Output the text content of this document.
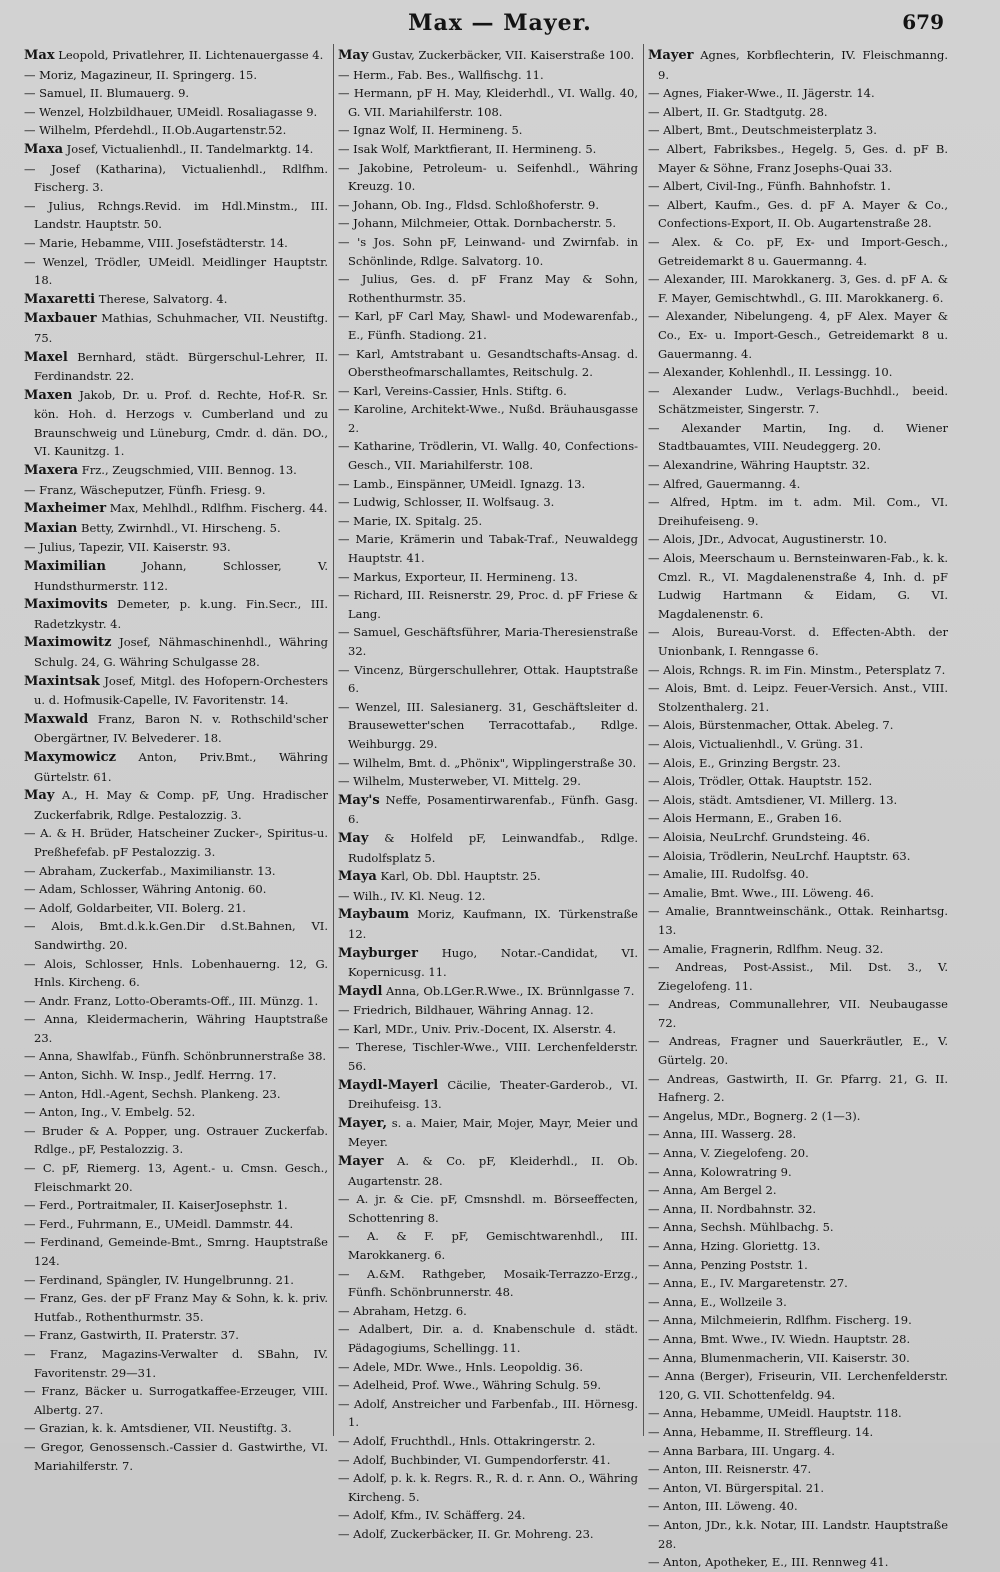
Max — Mayer.	679

Max Leopold, Privatlehrer, II. Lichtenauergasse 4.

— Moriz, Magazineur, II. Springerg. 15.

— Samuel, II. Blumauerg. 9.

— Wenzel, Holzbildhauer, UMeidl. Rosaliagasse 9.

— Wilhelm, Pferdehdl., II.Ob.Augartenstr.52.

Maxa Josef, Victualienhdl., II. Tandelmarktg. 14.

— Josef (Katharina), Victualienhdl., Rdlfhm. Fischerg. 3.

— Julius, Rchngs.Revid. im Hdl.Minstm., III. Landstr. Hauptstr. 50.

— Marie, Hebamme, VIII. Josefstädterstr. 14.

— Wenzel, Trödler, UMeidl. Meidlinger Hauptstr. 18.

Maxaretti Therese, Salvatorg. 4.

Maxbauer Mathias, Schuhmacher, VII. Neustiftg. 75.

Maxel Bernhard, städt. Bürgerschul-Lehrer, II. Ferdinandstr. 22.

Maxen Jakob, Dr. u. Prof. d. Rechte, Hof-R. Sr. kön. Hoh. d. Herzogs v. Cumberland und zu Braunschweig und Lüneburg, Cmdr. d. dän. DO., VI. Kaunitzg. 1.

Maxera Frz., Zeugschmied, VIII. Bennog. 13.

— Franz, Wäscheputzer, Fünfh. Friesg. 9.

Maxheimer Max, Mehlhdl., Rdlfhm. Fischerg. 44.

Maxian Betty, Zwirnhdl., VI. Hirscheng. 5.

— Julius, Tapezir, VII. Kaiserstr. 93.

Maximilian Johann, Schlosser, V. Hundsthurmerstr. 112.

Maximovits Demeter, p. k.ung. Fin.Secr., III. Radetzkystr. 4.

Maximowitz Josef, Nähmaschinenhdl., Währing Schulg. 24, G. Währing Schulgasse 28.

Maxintsak Josef, Mitgl. des Hofopern-Orchesters u. d. Hofmusik-Capelle, IV. Favoritenstr. 14.

Maxwald Franz, Baron N. v. Rothschild'scher Obergärtner, IV. Belvederег. 18.

Maxymowicz Anton, Priv.Bmt., Währing Gürtelstr. 61.

May A., H. May & Comp. pF, Ung. Hradischer Zuckerfabrik, Rdlge. Pestalozzig. 3.

— A. & H. Brüder, Hatscheiner Zucker-, Spiritus-u. Preßhefefab. pF Pestalozzig. 3.

— Abraham, Zuckerfab., Maximilianstr. 13.

— Adam, Schlosser, Währing Antonig. 60.

— Adolf, Goldarbeiter, VII. Bolerg. 21.

— Alois, Bmt.d.k.k.Gen.Dir d.St.Bahnen, VI. Sandwirthg. 20.

— Alois, Schlosser, Hnls. Lobenhauerng. 12, G. Hnls. Kircheng. 6.

— Andr. Franz, Lotto-Oberamts-Off., III. Münzg. 1.

— Anna, Kleidermacherin, Währing Hauptstraße 23.

— Anna, Shawlfab., Fünfh. Schönbrunnerstraße 38.

— Anton, Sichh. W. Insp., Jedlf. Herrng. 17.

— Anton, Hdl.-Agent, Sechsh. Plankeng. 23.

— Anton, Ing., V. Embelg. 52.

— Bruder & A. Popper, ung. Ostrauer Zuckerfab. Rdlge., pF, Pestalozzig. 3.

— C. pF, Riemerg. 13, Agent.- u. Cmsn. Gesch., Fleischmarkt 20.

— Ferd., Portraitmaler, II. KaiserJosephstr. 1.

— Ferd., Fuhrmann, E., UMeidl. Dammstr. 44.

— Ferdinand, Gemeinde-Bmt., Smrng. Hauptstraße 124.

— Ferdinand, Spängler, IV. Hungelbrunng. 21.

— Franz, Ges. der pF Franz May & Sohn, k. k. priv. Hutfab., Rothenthurmstr. 35.

— Franz, Gastwirth, II. Praterstr. 37.

— Franz, Magazins-Verwalter d. SBahn, IV. Favoritenstr. 29—31.

— Franz, Bäcker u. Surrogatkaffee-Erzeuger, VIII. Albertg. 27.

— Grazian, k. k. Amtsdiener, VII. Neustiftg. 3.

— Gregor, Genossensch.-Cassier d. Gastwirthe, VI. Mariahilferstr. 7.

May Gustav, Zuckerbäcker, VII. Kaiserstraße 100.

— Herm., Fab. Bes., Wallfischg. 11.

— Hermann, pF H. May, Kleiderhdl., VI. Wallg. 40, G. VII. Mariahilferstr. 108.

— Ignaz Wolf, II. Hermineng. 5.

— Isak Wolf, Marktfierant, II. Hermineng. 5.

— Jakobine, Petroleum- u. Seifenhdl., Währing Kreuzg. 10.

— Johann, Ob. Ing., Fldsd. Schloßhoferstr. 9.

— Johann, Milchmeier, Ottak. Dornbacherstr. 5.

— 's Jos. Sohn pF, Leinwand- und Zwirnfab. in Schönlinde, Rdlge. Salvatorg. 10.

— Julius, Ges. d. pF Franz May & Sohn, Rothenthurmstr. 35.

— Karl, pF Carl May, Shawl- und Modewarenfab., E., Fünfh. Stadiong. 21.

— Karl, Amtstrabant u. Gesandtschafts-Ansag. d. Oberstheofmarschallamtes, Reitschulg. 2.

— Karl, Vereins-Cassier, Hnls. Stiftg. 6.

— Karoline, Architekt-Wwe., Nußd. Bräuhausgasse 2.

— Katharine, Trödlerin, VI. Wallg. 40, Confections-Gesch., VII. Mariahilferstr. 108.

— Lamb., Einspänner, UMeidl. Ignazg. 13.

— Ludwig, Schlosser, II. Wolfsaug. 3.

— Marie, IX. Spitalg. 25.

— Marie, Krämerin und Tabak-Traf., Neuwaldegg Hauptstr. 41.

— Markus, Exporteur, II. Hermineng. 13.

— Richard, III. Reisnerstr. 29, Proc. d. pF Friese & Lang.

— Samuel, Geschäftsführer, Maria-Theresienstraße 32.

— Vincenz, Bürgerschullehrer, Ottak. Hauptstraße 6.

— Wenzel, III. Salesianerg. 31, Geschäftsleiter d. Brausewetter'schen Terracottafab., Rdlge. Weihburgg. 29.

— Wilhelm, Bmt. d. „Phönix", Wipplingerstraße 30.

— Wilhelm, Musterweber, VI. Mittelg. 29.

May's Neffe, Posamentirwarenfab., Fünfh. Gasg. 6.

May & Holfeld pF, Leinwandfab., Rdlge. Rudolfsplatz 5.

Maya Karl, Ob. Dbl. Hauptstr. 25.

— Wilh., IV. Kl. Neug. 12.

Maybaum Moriz, Kaufmann, IX. Türkenstraße 12.

Mayburger Hugo, Notar.-Candidat, VI. Kopernicusg. 11.

Maydl Anna, Ob.LGer.R.Wwe., IX. Brünnlgasse 7.

— Friedrich, Bildhauer, Währing Annag. 12.

— Karl, MDr., Univ. Priv.-Docent, IX. Alserstr. 4.

— Therese, Tischler-Wwe., VIII. Lerchenfelderstr. 56.

Maydl-Mayerl Cäcilie, Theater-Garderob., VI. Dreihufeisg. 13.

Mayer, s. a. Maier, Mair, Mojer, Mayr, Meier und Meyer.

Mayer A. & Co. pF, Kleiderhdl., II. Ob. Augartenstr. 28.

— A. jr. & Cie. pF, Cmsnshdl. m. Börseeffecten, Schottenring 8.

— A. & F. pF, Gemischtwarenhdl., III. Marokkanerg. 6.

— A.&M. Rathgeber, Mosaik-Terrazzo-Erzg., Fünfh. Schönbrunnerstr. 48.

— Abraham, Hetzg. 6.

— Adalbert, Dir. a. d. Knabenschule d. städt. Pädagogiums, Schellingg. 11.

— Adele, MDr. Wwe., Hnls. Leopoldig. 36.

— Adelheid, Prof. Wwe., Währing Schulg. 59.

— Adolf, Anstreicher und Farbenfab., III. Hörnesg. 1.

— Adolf, Fruchthdl., Hnls. Ottakringerstr. 2.

— Adolf, Buchbinder, VI. Gumpendorferstr. 41.

— Adolf, p. k. k. Regrs. R., R. d. r. Ann. O., Währing Kircheng. 5.

— Adolf, Kfm., IV. Schäfferg. 24.

— Adolf, Zuckerbäcker, II. Gr. Mohreng. 23.

Mayer Agnes, Korbflechterin, IV. Fleischmanng. 9.

— Agnes, Fiaker-Wwe., II. Jägerstr. 14.

— Albert, II. Gr. Stadtgutg. 28.

— Albert, Bmt., Deutschmeisterplatz 3.

— Albert, Fabriksbes., Hegelg. 5, Ges. d. pF B. Mayer & Söhne, Franz Josephs-Quai 33.

— Albert, Civil-Ing., Fünfh. Bahnhofstr. 1.

— Albert, Kaufm., Ges. d. pF A. Mayer & Co., Confections-Export, II. Ob. Augartenstraße 28.

— Alex. & Co. pF, Ex- und Import-Gesch., Getreidemarkt 8 u. Gauermanng. 4.

— Alexander, III. Marokkanerg. 3, Ges. d. pF A. & F. Mayer, Gemischtwhdl., G. III. Marokkanerg. 6.

— Alexander, Nibelungeng. 4, pF Alex. Mayer & Co., Ex- u. Import-Gesch., Getreidemarkt 8 u. Gauermanng. 4.

— Alexander, Kohlenhdl., II. Lessingg. 10.

— Alexander Ludw., Verlags-Buchhdl., beeid. Schätzmeister, Singerstr. 7.

— Alexander Martin, Ing. d. Wiener Stadtbauamtes, VIII. Neudeggerg. 20.

— Alexandrine, Währing Hauptstr. 32.

— Alfred, Gauermanng. 4.

— Alfred, Hptm. im t. adm. Mil. Com., VI. Dreihufeisеng. 9.

— Alois, JDr., Advocat, Augustinerstr. 10.

— Alois, Meerschaum u. Bernsteinwaren-Fab., k. k. Cmzl. R., VI. Magdalenenstraße 4, Inh. d. pF Ludwig Hartmann & Eidam, G. VI. Magdalenenstr. 6.

— Alois, Bureau-Vorst. d. Effecten-Abth. der Unionbank, I. Renngasse 6.

— Alois, Rchngs. R. im Fin. Minstm., Petersplatz 7.

— Alois, Bmt. d. Leipz. Feuer-Versich. Anst., VIII. Stolzenthalerg. 21.

— Alois, Bürstenmacher, Ottak. Abeleg. 7.

— Alois, Victualienhdl., V. Grüng. 31.

— Alois, E., Grinzing Bergstr. 23.

— Alois, Trödler, Ottak. Hauptstr. 152.

— Alois, städt. Amtsdiener, VI. Millerg. 13.

— Alois Hermann, E., Graben 16.

— Aloisia, NeuLrchf. Grundsteing. 46.

— Aloisia, Trödlerin, NeuLrchf. Hauptstr. 63.

— Amalie, III. Rudolfsg. 40.

— Amalie, Bmt. Wwe., III. Löweng. 46.

— Amalie, Branntweinschänk., Ottak. Reinhartsg. 13.

— Amalie, Fragnerin, Rdlfhm. Neug. 32.

— Andreas, Post-Assist., Mil. Dst. 3., V. Ziegelofeng. 11.

— Andreas, Communallehrer, VII. Neubaugasse 72.

— Andreas, Fragner und Sauerkräutler, E., V. Gürtelg. 20.

— Andreas, Gastwirth, II. Gr. Pfarrg. 21, G. II. Hafnerg. 2.

— Angelus, MDr., Bognerg. 2 (1—3).

— Anna, III. Wasserg. 28.

— Anna, V. Ziegelofeng. 20.

— Anna, Kolowratring 9.

— Anna, Am Bergel 2.

— Anna, II. Nordbahnstr. 32.

— Anna, Sechsh. Mühlbachg. 5.

— Anna, Hzing. Gloriettg. 13.

— Anna, Penzing Poststr. 1.

— Anna, E., IV. Margaretenstr. 27.

— Anna, E., Wollzeile 3.

— Anna, Milchmeierin, Rdlfhm. Fischerg. 19.

— Anna, Bmt. Wwe., IV. Wiedn. Hauptstr. 28.

— Anna, Blumenmacherin, VII. Kaiserstr. 30.

— Anna (Berger), Friseurin, VII. Lerchenfelderstr. 120, G. VII. Schottenfeldg. 94.

— Anna, Hebamme, UMeidl. Hauptstr. 118.

— Anna, Hebamme, II. Streffleurg. 14.

— Anna Barbara, III. Ungarg. 4.

— Anton, III. Reisnerstr. 47.

— Anton, VI. Bürgerspital. 21.

— Anton, III. Löweng. 40.

— Anton, JDr., k.k. Notar, III. Landstr. Hauptstraße 28.

— Anton, Apotheker, E., III. Rennweg 41.
